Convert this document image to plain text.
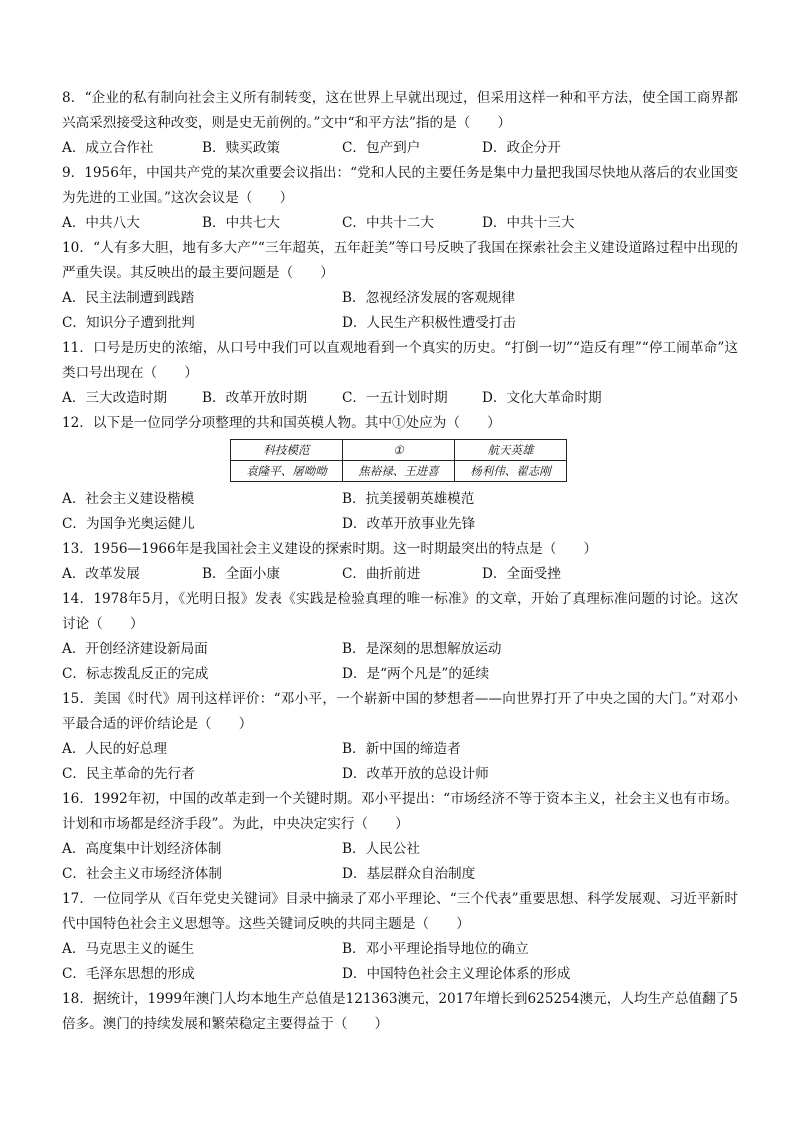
8．“企业的私有制向社会主义所有制转变，这在世界上早就出现过，但采用这样一种和平方法，使全国工商界都兴高采烈接受这种改变，则是史无前例的。”文中“和平方法”指的是（　　）
A．成立合作社	B．赎买政策	C．包产到户	D．政企分开
9．1956年，中国共产党的某次重要会议指出：“党和人民的主要任务是集中力量把我国尽快地从落后的农业国变为先进的工业国。”这次会议是（　　）
A．中共八大	B．中共七大	C．中共十二大	D．中共十三大
10．“人有多大胆，地有多大产”“三年超英，五年赶美”等口号反映了我国在探索社会主义建设道路过程中出现的严重失误。其反映出的最主要问题是（　　）
A．民主法制遭到践踏	B．忽视经济发展的客观规律
C．知识分子遭到批判	D．人民生产积极性遭受打击
11．口号是历史的浓缩，从口号中我们可以直观地看到一个真实的历史。“打倒一切”“造反有理”“停工闹革命”这类口号出现在（　　）
A．三大改造时期	B．改革开放时期	C．一五计划时期	D．文化大革命时期
12．以下是一位同学分项整理的共和国英模人物。其中①处应为（　　）
科技模范	①	航天英雄
袁隆平、屠呦呦	焦裕禄、王进喜	杨利伟、翟志刚
A．社会主义建设楷模	B．抗美援朝英雄模范
C．为国争光奥运健儿	D．改革开放事业先锋
13．1956—1966年是我国社会主义建设的探索时期。这一时期最突出的特点是（　　）
A．改革发展	B．全面小康	C．曲折前进	D．全面受挫
14．1978年5月，《光明日报》发表《实践是检验真理的唯一标准》的文章，开始了真理标准问题的讨论。这次讨论（　　）
A．开创经济建设新局面	B．是深刻的思想解放运动
C．标志拨乱反正的完成	D．是“两个凡是”的延续
15．美国《时代》周刊这样评价：“邓小平，一个崭新中国的梦想者——向世界打开了中央之国的大门。”对邓小平最合适的评价结论是（　　）
A．人民的好总理	B．新中国的缔造者
C．民主革命的先行者	D．改革开放的总设计师
16．1992年初，中国的改革走到一个关键时期。邓小平提出：“市场经济不等于资本主义，社会主义也有市场。计划和市场都是经济手段”。为此，中央决定实行（　　）
A．高度集中计划经济体制	B．人民公社
C．社会主义市场经济体制	D．基层群众自治制度
17．一位同学从《百年党史关键词》目录中摘录了邓小平理论、“三个代表”重要思想、科学发展观、习近平新时代中国特色社会主义思想等。这些关键词反映的共同主题是（　　）
A．马克思主义的诞生	B．邓小平理论指导地位的确立
C．毛泽东思想的形成	D．中国特色社会主义理论体系的形成
18．据统计，1999年澳门人均本地生产总值是121363澳元，2017年增长到625254澳元，人均生产总值翻了5倍多。澳门的持续发展和繁荣稳定主要得益于（　　）
